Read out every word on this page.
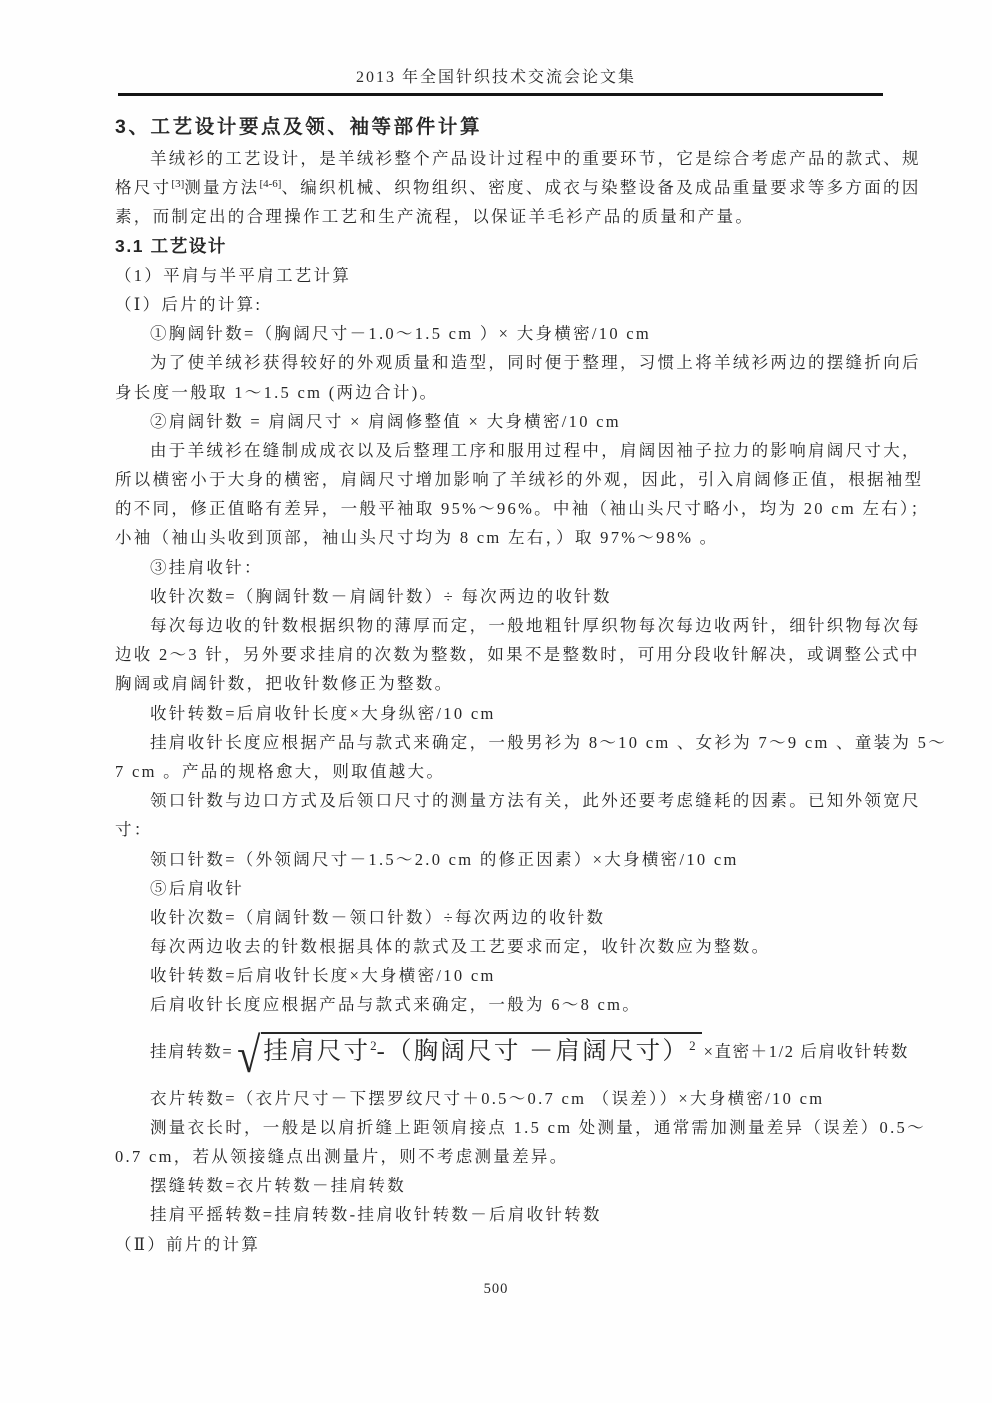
2013 年全国针织技术交流会论文集
3、工艺设计要点及领、袖等部件计算
羊绒衫的工艺设计，是羊绒衫整个产品设计过程中的重要环节，它是综合考虑产品的款式、规
格尺寸[3]测量方法[4-6]、编织机械、织物组织、密度、成衣与染整设备及成品重量要求等多方面的因
素，而制定出的合理操作工艺和生产流程，以保证羊毛衫产品的质量和产量。
3.1 工艺设计
（1）平肩与半平肩工艺计算
（Ⅰ）后片的计算:
①胸阔针数=（胸阔尺寸－1.0～1.5 cm ）× 大身横密/10 cm
为了使羊绒衫获得较好的外观质量和造型，同时便于整理，习惯上将羊绒衫两边的摆缝折向后
身长度一般取 1～1.5 cm (两边合计)。
②肩阔针数 = 肩阔尺寸 × 肩阔修整值 × 大身横密/10 cm
由于羊绒衫在缝制成成衣以及后整理工序和服用过程中，肩阔因袖子拉力的影响肩阔尺寸大，
所以横密小于大身的横密，肩阔尺寸增加影响了羊绒衫的外观，因此，引入肩阔修正值，根据袖型
的不同，修正值略有差异，一般平袖取 95%～96%。中袖（袖山头尺寸略小，均为 20 cm 左右）；
小袖（袖山头收到顶部，袖山头尺寸均为 8 cm 左右，）取 97%～98% 。
③挂肩收针：
收针次数=（胸阔针数－肩阔针数）÷ 每次两边的收针数
每次每边收的针数根据织物的薄厚而定，一般地粗针厚织物每次每边收两针，细针织物每次每
边收 2～3 针，另外要求挂肩的次数为整数，如果不是整数时，可用分段收针解决，或调整公式中
胸阔或肩阔针数，把收针数修正为整数。
收针转数=后肩收针长度×大身纵密/10 cm
挂肩收针长度应根据产品与款式来确定，一般男衫为 8～10 cm 、女衫为 7～9 cm 、童装为 5～
7 cm 。产品的规格愈大，则取值越大。
领口针数与边口方式及后领口尺寸的测量方法有关，此外还要考虑缝耗的因素。已知外领宽尺
寸：
领口针数=（外领阔尺寸－1.5～2.0 cm 的修正因素）×大身横密/10 cm
⑤后肩收针
收针次数=（肩阔针数－领口针数）÷每次两边的收针数
每次两边收去的针数根据具体的款式及工艺要求而定，收针次数应为整数。
收针转数=后肩收针长度×大身横密/10 cm
后肩收针长度应根据产品与款式来确定，一般为 6～8 cm。
挂肩转数= √ 挂肩尺寸$^2$-（胸阔尺寸 －肩阔尺寸）$^2$ ×直密＋1/2 后肩收针转数
衣片转数=（衣片尺寸－下摆罗纹尺寸＋0.5～0.7 cm （误差））×大身横密/10 cm
测量衣长时，一般是以肩折缝上距领肩接点 1.5 cm 处测量，通常需加测量差异（误差）0.5～
0.7 cm，若从领接缝点出测量片，则不考虑测量差异。
摆缝转数=衣片转数－挂肩转数
挂肩平摇转数=挂肩转数-挂肩收针转数－后肩收针转数
（Ⅱ）前片的计算
500
